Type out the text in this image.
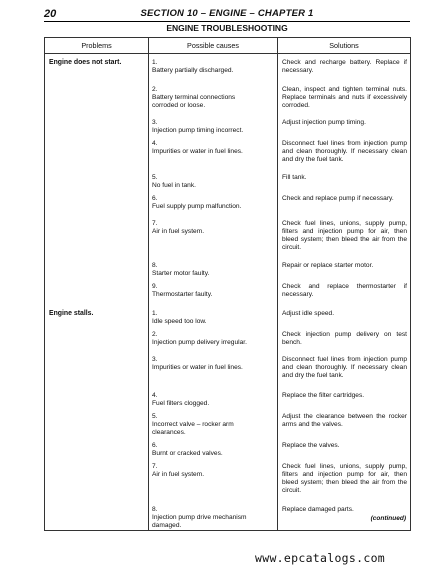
20	SECTION 10 – ENGINE – CHAPTER 1
ENGINE TROUBLESHOOTING
Problems	Possible causes	Solutions
Engine does not start.	1.Battery partially discharged.	Check and recharge battery. Replace if necessary.
	2.Battery terminal connections corroded or loose.	Clean, inspect and tighten terminal nuts. Replace terminals and nuts if excessively corroded.
	3.Injection pump timing incorrect.	Adjust injection pump timing.
	4.Impurities or water in fuel lines.	Disconnect fuel lines from injection pump and clean thoroughly. If necessary clean and dry the fuel tank.
	5.No fuel in tank.	Fill tank.
	6.Fuel supply pump malfunction.	Check and replace pump if necessary.
	7.Air in fuel system.	Check fuel lines, unions, supply pump, filters and injection pump for air, then bleed system; then bleed the air from the circuit.
	8.Starter motor faulty.	Repair or replace starter motor.
	9.Thermostarter faulty.	Check and replace thermostarter if necessary.
Engine stalls.	1.Idle speed too low.	Adjust idle speed.
	2.Injection pump delivery irregular.	Check injection pump delivery on test bench.
	3.Impurities or water in fuel lines.	Disconnect fuel lines from injection pump and clean thoroughly. If necessary clean and dry the fuel tank.
	4.Fuel filters clogged.	Replace the filter cartridges.
	5.Incorrect valve – rocker arm clearances.	Adjust the clearance between the rocker arms and the valves.
	6.Burnt or cracked valves.	Replace the valves.
	7.Air in fuel system.	Check fuel lines, unions, supply pump, filters and injection pump for air, then bleed system; then bleed the air from the circuit.
	8.Injection pump drive mechanism damaged.	Replace damaged parts.
(continued)
www.epcatalogs.com
